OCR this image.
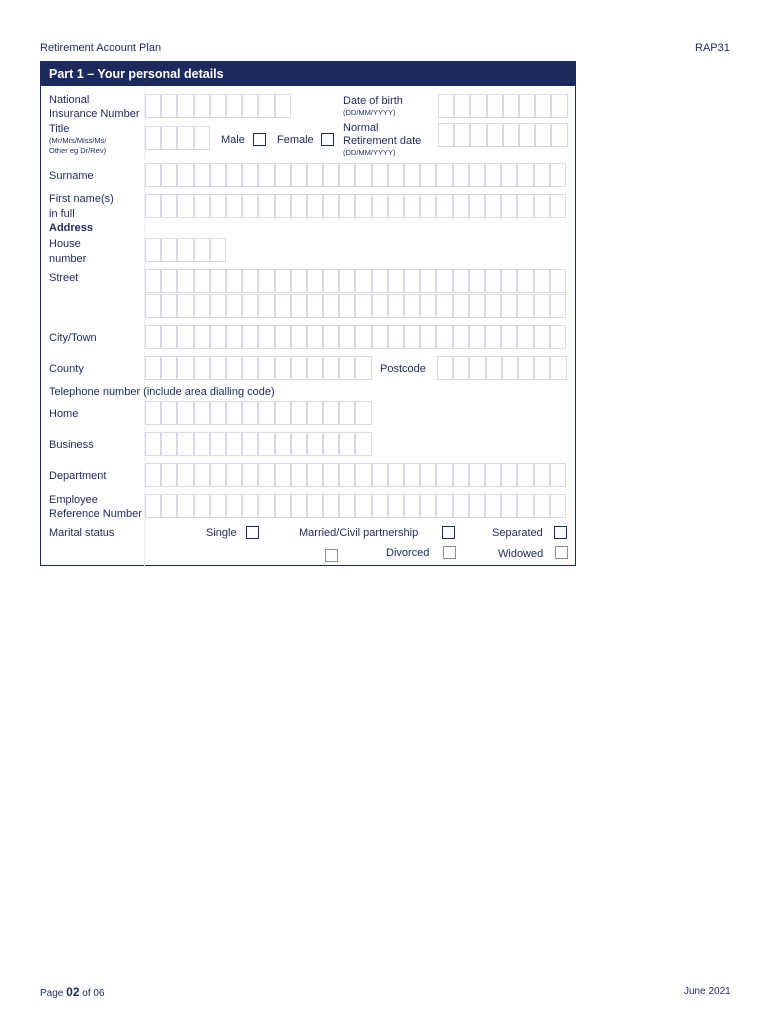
Retirement Account Plan	RAP31
Part 1 – Your personal details
National
Insurance Number
Date of birth
(DD/MM/YYYY)
Title
(Mr/Mrs/Miss/Ms/
Other eg Dr/Rev)
Male	Female
Normal
Retirement date
(DD/MM/YYYY)
Surname
First name(s)
in full
Address
House
number
Street
City/Town
County	Postcode
Telephone number (include area dialling code)
Home
Business
Department
Employee
Reference Number
Marital status	Single	Married/Civil partnership	Separated
Divorced	Widowed
Page 02 of 06	June 2021
